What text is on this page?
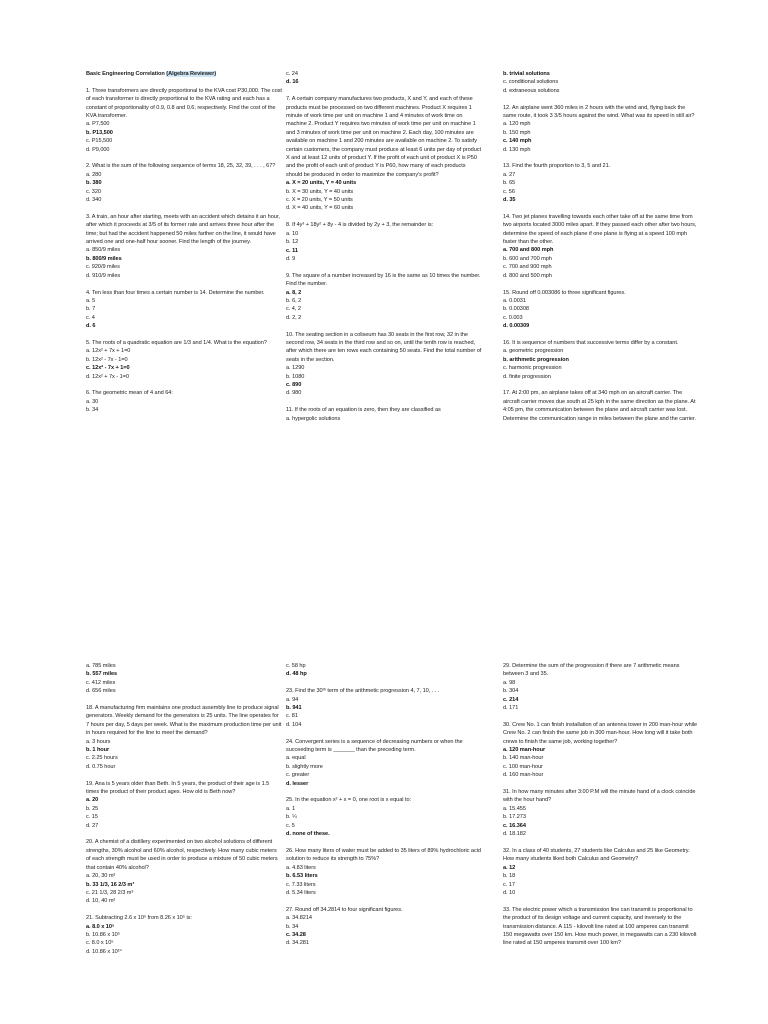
Basic Engineering Correlation (Algebra Reviewer)

1. Three transformers are directly proportional to the KVA cost P30,000. The cost of each transformer is directly proportional to the KVA rating and each has a constant of proportionality of 0.9, 0.8 and 0.6, respectively. Find the cost of the KVA transformer.

a. P7,500
b. P13,500
c. P15,500
d. P9,000

2. What is the sum of the following sequence of terms 18, 25, 32, 39, . . . , 67?

a. 280
b. 380
c. 320
d. 340

3. A train, an hour after starting, meets with an accident which detains it an hour, after which it proceeds at 3/5 of its former rate and arrives three hour after the time; but had the accident happened 50 miles farther on the line, it would have arrived one and one-half hour sooner. Find the length of the journey.

a. 850/9 miles
b. 800/9 miles
c. 920/9 miles
d. 910/9 miles

4. Ten less than four times a certain number is 14. Determine the number.

a. 5
b. 7
c. 4
d. 6

5. The roots of a quadratic equation are 1/3 and 1/4. What is the equation?

a. 12x² + 7x + 1=0
b. 12x² - 7x - 1=0
c. 12x² - 7x + 1=0
d. 12x² + 7x - 1=0

6. The geometric mean of 4 and 64:

a. 30
b. 34
c. 24
d. 16

7. A certain company manufactures two products, X and Y, and each of these products must be processed on two different machines. Product X requires 1 minute of work time per unit on machine 1 and 4 minutes of work time on machine 2. Product Y requires two minutes of work time per unit on machine 1 and 3 minutes of work time per unit on machine 2. Each day, 100 minutes are available on machine 1 and 200 minutes are available on machine 2. To satisfy certain customers, the company must produce at least 6 units per day of product X and at least 12 units of product Y. If the profit of each unit of product X is P50 and the profit of each unit of product Y is P60, how many of each products should be produced in order to maximize the company's profit?

a. X = 20 units, Y = 40 units
b. X = 30 units, Y = 40 units
c. X = 20 units, Y = 50 units
d. X = 40 units, Y = 60 units

8. If 4y³ + 18y² + 8y - 4 is divided by 2y + 3, the remainder is:

a. 10
b. 12
c. 11
d. 9

9. The square of a number increased by 16 is the same as 10 times the number. Find the number.

a. 8, 2
b. 6, 2
c. 4, 2
d. 2, 2

10. The seating section in a coliseum has 30 seats in the first row, 32 in the second row, 34 seats in the third row and so on, until the tenth row is reached, after which there are ten rows each containing 50 seats. Find the total number of seats in the section.

a. 1290
b. 1080
c. 890
d. 980

11. If the roots of an equation is zero, then they are classified as

a. hypergolic solutions
b. trivial solutions
c. conditional solutions
d. extraneous solutions

12. An airplane went 360 miles in 2 hours with the wind and, flying back the same route, it took 3 3/5 hours against the wind. What was its speed in still air?

a. 120 mph
b. 150 mph
c. 140 mph
d. 130 mph

13. Find the fourth proportion to 3, 5 and 21.

a. 27
b. 65
c. 56
d. 35

14. Two jet planes travelling towards each other take off at the same time from two airports located 3000 miles apart. If they passed each other after two hours, determine the speed of each plane if one plane is flying at a speed 100 mph faster than the other.

a. 700 and 800 mph
b. 600 and 700 mph
c. 700 and 900 mph
d. 800 and 500 mph

15. Round off 0.003086 to three significant figures.

a. 0.0031
b. 0.00308
c. 0.003
d. 0.00309

16. It is sequence of numbers that successive terms differ by a constant.

a. geometric progression
b. arithmetic progression
c. harmonic progression
d. finite progression

17. At 2:00 pm, an airplane takes off at 340 mph on an aircraft carrier. The aircraft carrier moves due south at 25 kph in the same direction as the plane. At 4:05 pm, the communication between the plane and aircraft carrier was lost. Determine the communication range in miles between the plane and the carrier.

a. 785 miles
b. 557 miles
c. 412 miles
d. 656 miles

18. A manufacturing firm maintains one product assembly line to produce signal generators. Weekly demand for the generators is 25 units. The line operates for 7 hours per day, 5 days per week. What is the maximum production time per unit in hours required for the line to meet the demand?

a. 3 hours
b. 1 hour
c. 2.25 hours
d. 0.75 hour

19. Ana is 5 years older than Beth. In 5 years, the product of their age is 1.5 times the product of their product ages. How old is Beth now?

a. 20
b. 25
c. 15
d. 27

20. A chemist of a distillery experimented on two alcohol solutions of different strengths, 30% alcohol and 60% alcohol, respectively. How many cubic meters of each strength must be used in order to produce a mixture of 50 cubic meters that contain 40% alcohol?

a. 20, 30 m³
b. 33 1/3, 16 2/3 m³
c. 21 1/3, 28 2/3 m³
d. 10, 40 m³

21. Subtracting 2.6 x 10⁵ from 8.26 x 10⁵ is:

a. 8.0 x 10⁵
b. 10.86 x 10⁵
c. 8.0 x 10⁵
d. 10.86 x 10¹⁰
c. 58 hp
d. 48 hp

23. Find the 30ᵗʰ term of the arithmetic progression 4, 7, 10, . . .

a. 94
b. 941
c. 81
d. 104

24. Convergent series is a sequence of decreasing numbers or when the succeeding term is _______ than the preceding term.

a. equal
b. slightly more
c. greater
d. lesser

25. In the equation x² + x = 0, one root is x equal to:

a. 1
b. ¼
c. 5
d. none of these.

26. How many liters of water must be added to 35 liters of 89% hydrochloric acid solution to reduce its strength to 75%?

a. 4.83 liters
b. 6.53 liters
c. 7.33 liters
d. 5.34 liters

27. Round off 34.2814 to four significant figures.

a. 34.8214
b. 34
c. 34.28
d. 34.281

29. Determine the sum of the progression if there are 7 arithmetic means between 3 and 35.

a. 98
b. 304
c. 214
d. 171

30. Crew No. 1 can finish installation of an antenna tower in 200 man-hour while Crew No. 2 can finish the same job in 300 man-hour. How long will it take both crews to finish the same job, working together?

a. 120 man-hour
b. 140 man-hour
c. 100 man-hour
d. 160 man-hour

31. In how many minutes after 3:00 P.M will the minute hand of a clock coincide with the hour hand?

a. 15.455
b. 17.273
c. 16.364
d. 18.182

32. In a class of 40 students, 27 students like Calculus and 25 like Geometry. How many students liked both Calculus and Geometry?

a. 12
b. 18
c. 17
d. 10

33. The electric power which a transmission line can transmit is proportional to the product of its design voltage and current capacity, and inversely to the transmission distance. A 115 - kilovolt line rated at 100 amperes can transmit 150 megawatts over 150 km. How much power, in megawatts can a 230 kilovolt line rated at 150 amperes transmit over 100 km?
